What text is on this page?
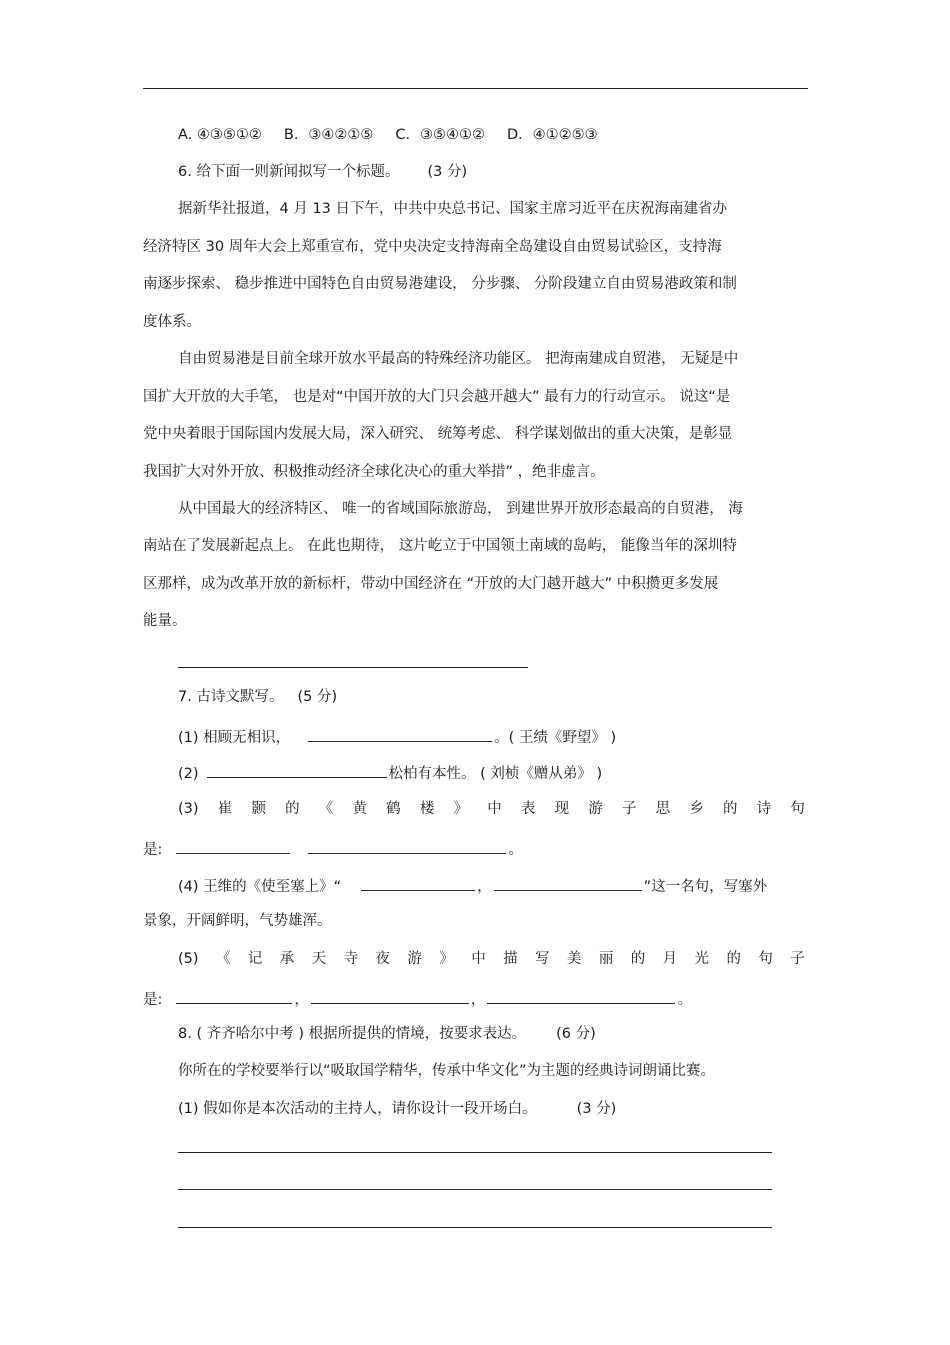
A. ④③⑤①② B．③④②①⑤ C．③⑤④①② D．④①②⑤③
6. 给下面一则新闻拟写一个标题。 (3 分)
据新华社报道，4 月 13 日下午，中共中央总书记、国家主席习近平在庆祝海南建省办
经济特区 30 周年大会上郑重宣布，党中央决定支持海南全岛建设自由贸易试验区，支持海
南逐步探索、 稳步推进中国特色自由贸易港建设， 分步骤、 分阶段建立自由贸易港政策和制
度体系。
自由贸易港是目前全球开放水平最高的特殊经济功能区。 把海南建成自贸港， 无疑是中
国扩大开放的大手笔， 也是对“中国开放的大门只会越开越大” 最有力的行动宣示。 说这“是
党中央着眼于国际国内发展大局，深入研究、 统筹考虑、 科学谋划做出的重大决策，是彰显
我国扩大对外开放、积极推动经济全球化决心的重大举措” ，绝非虚言。
从中国最大的经济特区、 唯一的省域国际旅游岛， 到建世界开放形态最高的自贸港， 海
南站在了发展新起点上。 在此也期待， 这片屹立于中国领土南域的岛屿， 能像当年的深圳特
区那样，成为改革开放的新标杆，带动中国经济在 “开放的大门越开越大” 中积攒更多发展
能量。
7. 古诗文默写。 (5 分)
(1) 相顾无相识，	。( 王绩《野望》 )
(2)	松柏有本性。 ( 刘桢《赠从弟》 )
(3) 崔 颢 的 《 黄 鹤 楼 》 中 表 现 游 子 思 乡 的 诗 句
是:	。
(4) 王维的《使至塞上》“	，	”这一名句，写塞外
景象，开阔鲜明，气势雄浑。
(5) 《 记 承 天 寺 夜 游 》 中 描 写 美 丽 的 月 光 的 句 子
是:	，	，	。
8. ( 齐齐哈尔中考 ) 根据所提供的情境，按要求表达。 (6 分)
你所在的学校要举行以“吸取国学精华，传承中华文化”为主题的经典诗词朗诵比赛。
(1) 假如你是本次活动的主持人，请你设计一段开场白。	(3 分)
